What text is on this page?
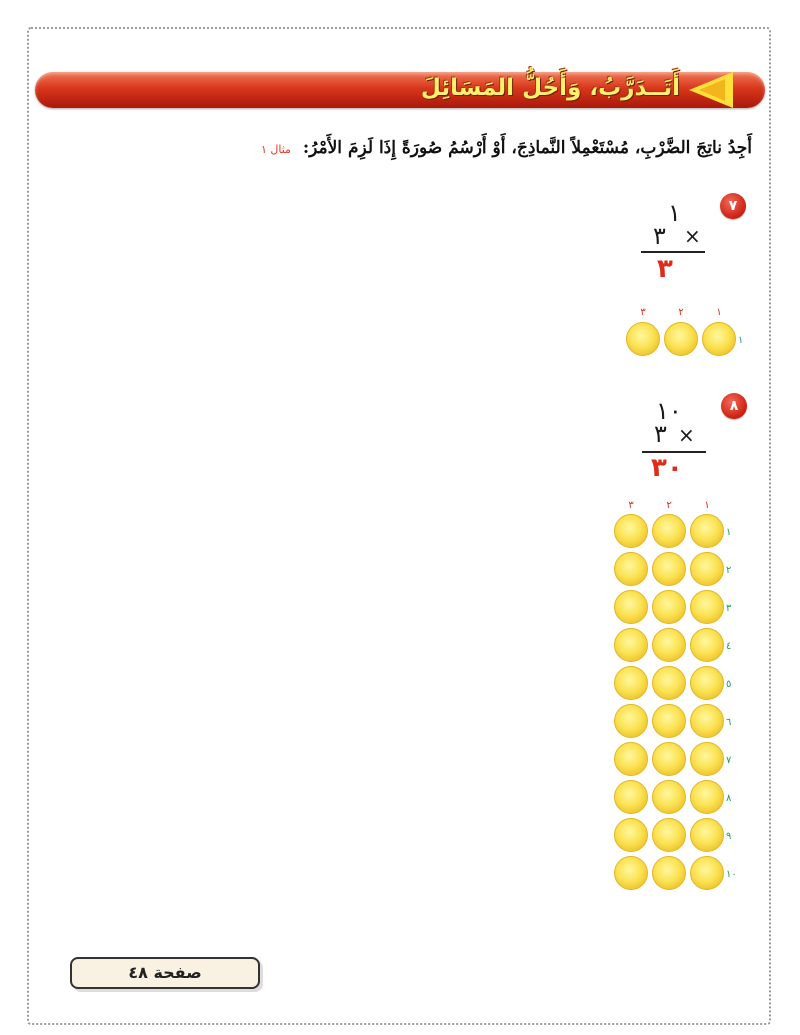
أَتَــدَرَّبُ، وَأَحُلُّ المَسَائِلَ
أَجِدُ ناتِجَ الضَّرْبِ، مُسْتَعْمِلاً النَّماذِجَ، أَوْ أَرْسُمُ صُورَةً إِذَا لَزِمَ الأَمْرُ: مثال ١
٧
١
×
٣
٣
١
٢
٣
١
٨
١٠
×
٣
٣٠
١
٢
٣
١
٢
٣
٤
٥
٦
٧
٨
٩
١٠
صفحة ٤٨
